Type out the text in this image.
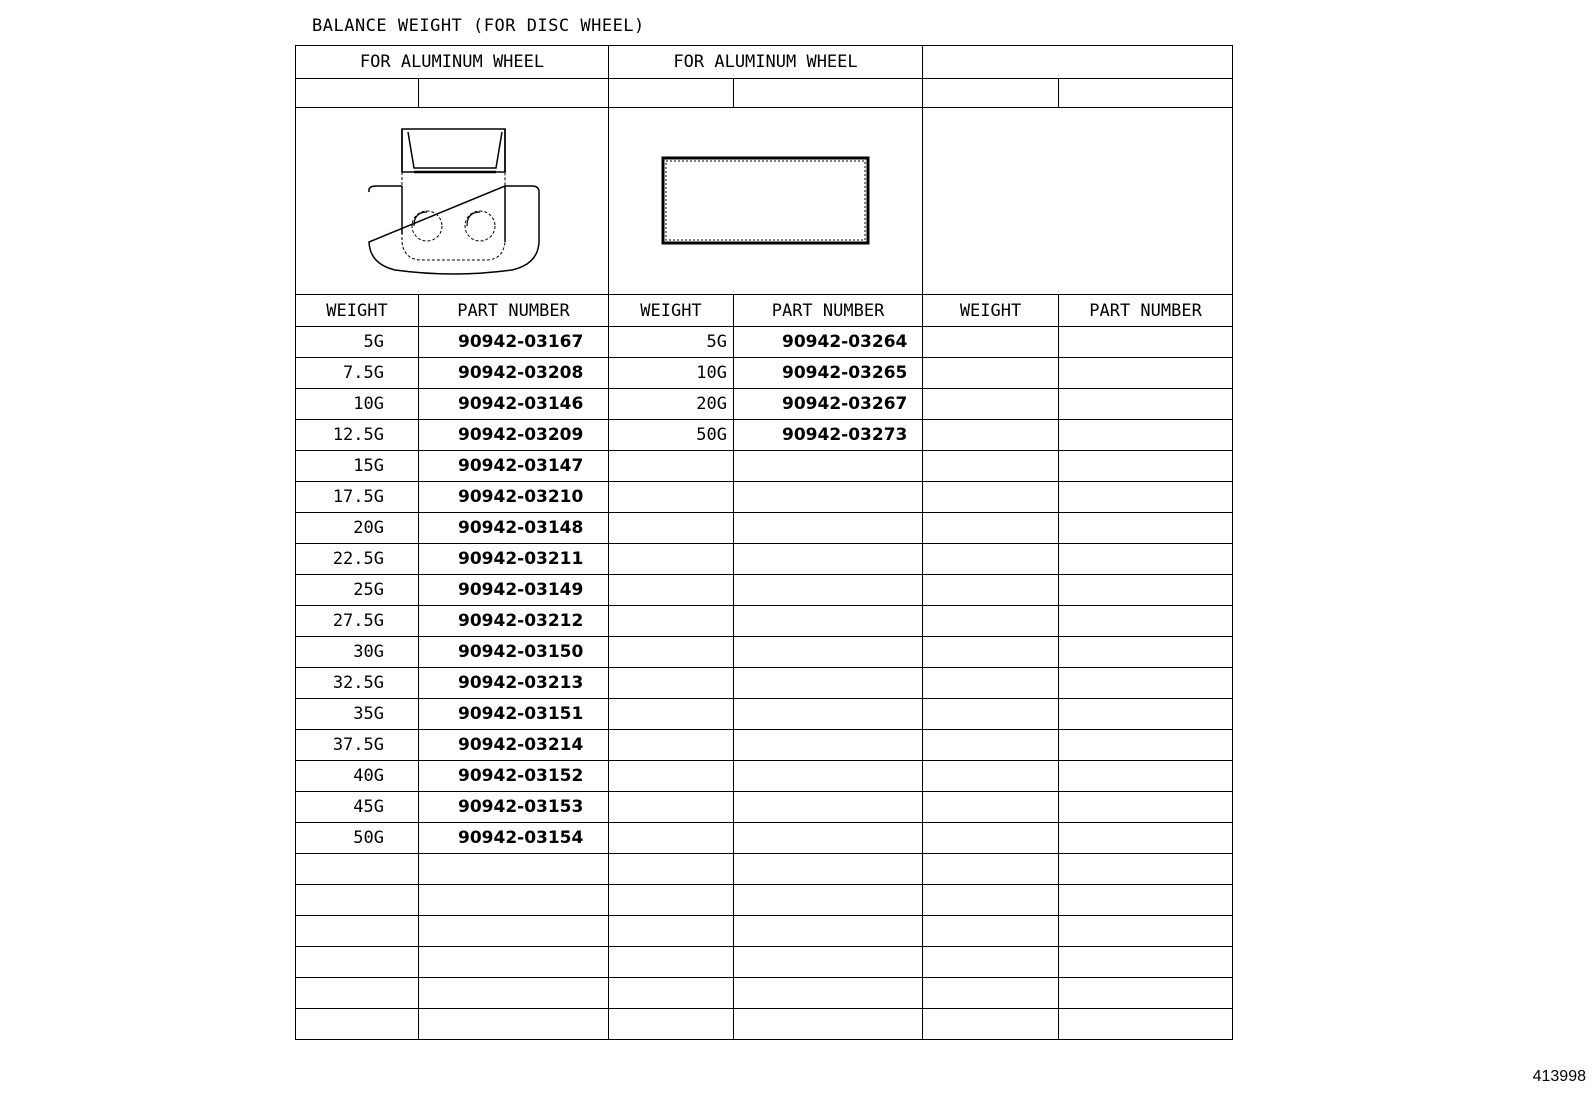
BALANCE WEIGHT (FOR DISC WHEEL)
FOR ALUMINUM WHEEL		FOR ALUMINUM WHEEL			

WEIGHT	PART NUMBER	WEIGHT	PART NUMBER	WEIGHT	PART NUMBER
5G	90942-03167	5G	90942-03264		
7.5G	90942-03208	10G	90942-03265		
10G	90942-03146	20G	90942-03267		
12.5G	90942-03209	50G	90942-03273		
15G	90942-03147				
17.5G	90942-03210				
20G	90942-03148				
22.5G	90942-03211				
25G	90942-03149				
27.5G	90942-03212				
30G	90942-03150				
32.5G	90942-03213				
35G	90942-03151				
37.5G	90942-03214				
40G	90942-03152				
45G	90942-03153				
50G	90942-03154				

413998
